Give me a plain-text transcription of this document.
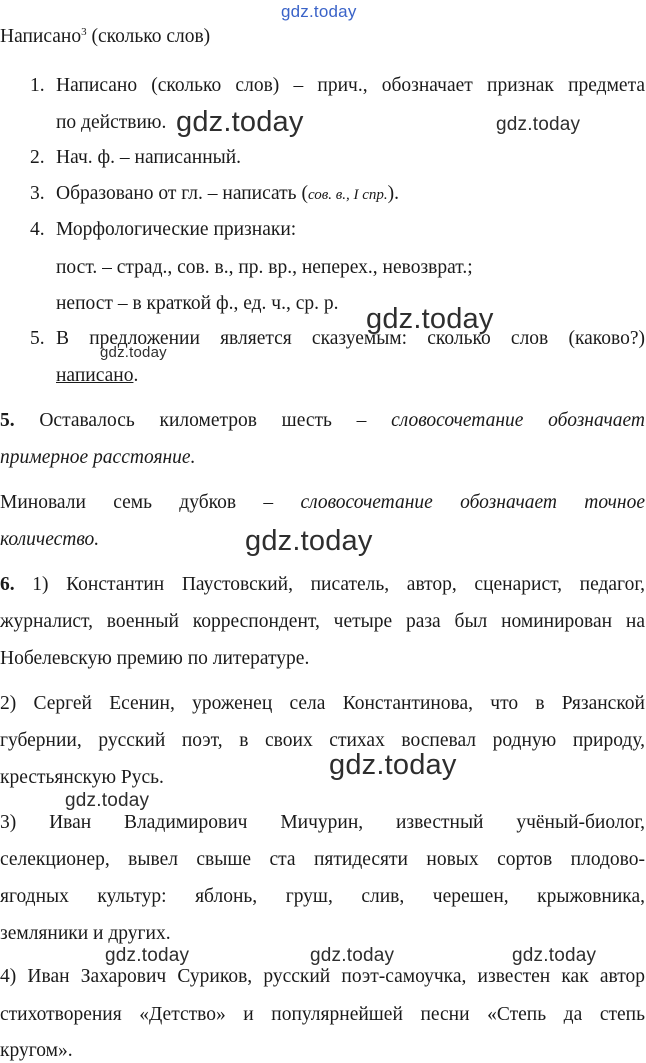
gdz.today
gdz.today	gdz.today
gdz.today
gdz.today
gdz.today
gdz.today
gdz.today
gdz.today	gdz.today	gdz.today
Написано$^3$ (сколько слов)
1. Написано (сколько слов) – прич., обозначает признак предмета
по действию.
2. Нач. ф. – написанный.
3. Образовано от гл. – написать (сов. в., I спр.).
4. Морфологические признаки:
пост. – страд., сов. в., пр. вр., неперех., невозврат.;
непост – в краткой ф., ед. ч., ср. р.
5. В предложении является сказуемым: сколько слов (каково?)
написано.
5. Оставалось километров шесть – словосочетание обозначает
примерное расстояние.
Миновали семь дубков – словосочетание обозначает точное
количество.
6. 1) Константин Паустовский, писатель, автор, сценарист, педагог,
журналист, военный корреспондент, четыре раза был номинирован на
Нобелевскую премию по литературе.
2) Сергей Есенин, уроженец села Константинова, что в Рязанской
губернии, русский поэт, в своих стихах воспевал родную природу,
крестьянскую Русь.
3) Иван Владимирович Мичурин, известный учёный-биолог,
селекционер, вывел свыше ста пятидесяти новых сортов плодово-
ягодных культур: яблонь, груш, слив, черешен, крыжовника,
земляники и других.
4) Иван Захарович Суриков, русский поэт-самоучка, известен как автор
стихотворения «Детство» и популярнейшей песни «Степь да степь
кругом».
